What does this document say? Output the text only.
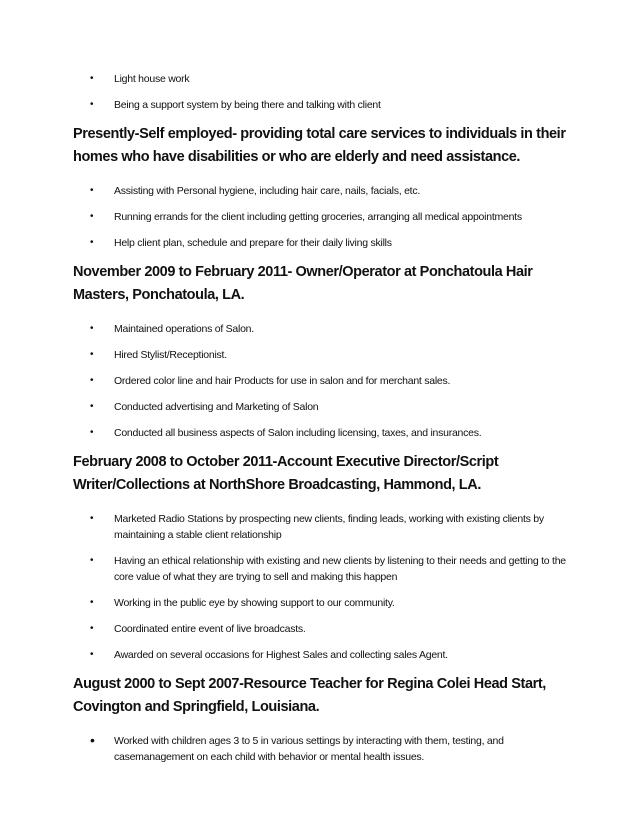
• Light house work
• Being a support system by being there and talking with client
Presently-Self employed- providing total care services to individuals in their homes who have disabilities or who are elderly and need assistance.
• Assisting with Personal hygiene, including hair care, nails, facials, etc.
• Running errands for the client including getting groceries, arranging all medical appointments
• Help client plan, schedule and prepare for their daily living skills
November 2009 to February 2011- Owner/Operator at Ponchatoula Hair Masters, Ponchatoula, LA.
• Maintained operations of Salon.
• Hired Stylist/Receptionist.
• Ordered color line and hair Products for use in salon and for merchant sales.
• Conducted advertising and Marketing of Salon
• Conducted all business aspects of Salon including licensing, taxes, and insurances.
February 2008 to October 2011-Account Executive Director/Script Writer/Collections at NorthShore Broadcasting, Hammond, LA.
• Marketed Radio Stations by prospecting new clients, finding leads, working with existing clients by maintaining a stable client relationship
• Having an ethical relationship with existing and new clients by listening to their needs and getting to the core value of what they are trying to sell and making this happen
• Working in the public eye by showing support to our community.
• Coordinated entire event of live broadcasts.
• Awarded on several occasions for Highest Sales and collecting sales Agent.
August 2000 to Sept 2007-Resource Teacher for Regina Colei Head Start, Covington and Springfield, Louisiana.
• Worked with children ages 3 to 5 in various settings by interacting with them, testing, and casemanagement on each child with behavior or mental health issues.
